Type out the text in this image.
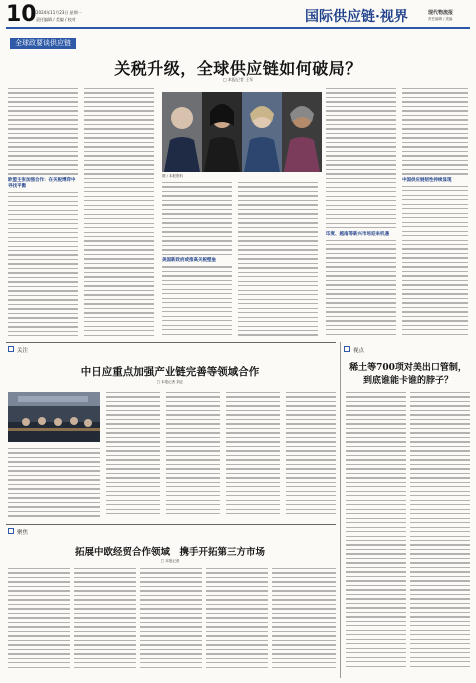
10 2024年11月23日 星期一
责任编辑 / 美编 / 校对	国际供应链·视界	现代物流报
责任编辑 / 美编
全球政要谈供应链
关税升级，全球供应链如何破局？
□ 本报记者 王军
欧盟主张加强合作：在关税博弈中寻找平衡
图 / 本报资料
美国新政府或推高关税壁垒
印度、越南等新兴市场迎来机遇
中国供应链韧性持续显现
关注
中日应重点加强产业链完善等领域合作
□ 本报记者 刘正
视点
稀土等700项对美出口管制，
到底谁能卡谁的脖子？
聚焦
拓展中欧经贸合作领域　携手开拓第三方市场
□ 本报记者
